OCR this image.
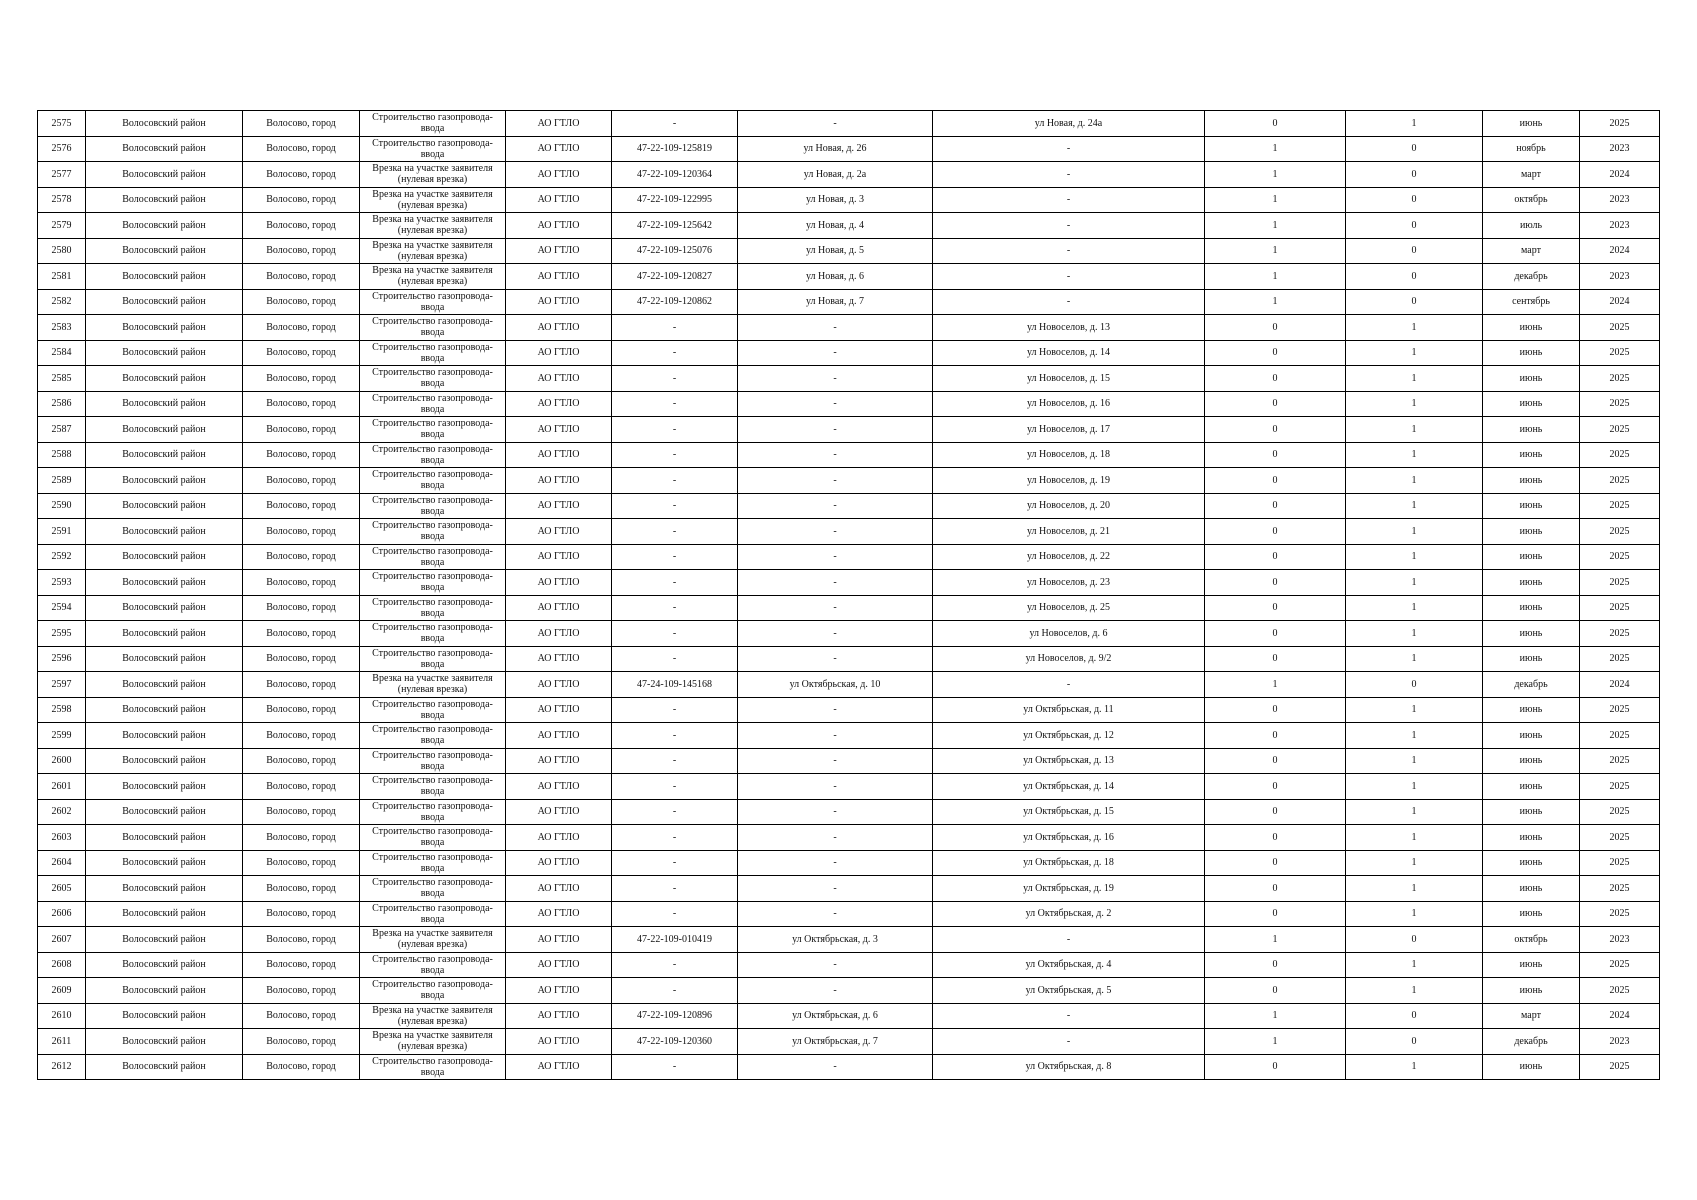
2575	Волосовский район	Волосово, город	Строительство газопровода-ввода	АО ГТЛО	-	-	ул Новая, д. 24а	0	1	июнь	2025
2576	Волосовский район	Волосово, город	Строительство газопровода-ввода	АО ГТЛО	47-22-109-125819	ул Новая, д. 26	-	1	0	ноябрь	2023
2577	Волосовский район	Волосово, город	Врезка на участке заявителя (нулевая врезка)	АО ГТЛО	47-22-109-120364	ул Новая, д. 2а	-	1	0	март	2024
2578	Волосовский район	Волосово, город	Врезка на участке заявителя (нулевая врезка)	АО ГТЛО	47-22-109-122995	ул Новая, д. 3	-	1	0	октябрь	2023
2579	Волосовский район	Волосово, город	Врезка на участке заявителя (нулевая врезка)	АО ГТЛО	47-22-109-125642	ул Новая, д. 4	-	1	0	июль	2023
2580	Волосовский район	Волосово, город	Врезка на участке заявителя (нулевая врезка)	АО ГТЛО	47-22-109-125076	ул Новая, д. 5	-	1	0	март	2024
2581	Волосовский район	Волосово, город	Врезка на участке заявителя (нулевая врезка)	АО ГТЛО	47-22-109-120827	ул Новая, д. 6	-	1	0	декабрь	2023
2582	Волосовский район	Волосово, город	Строительство газопровода-ввода	АО ГТЛО	47-22-109-120862	ул Новая, д. 7	-	1	0	сентябрь	2024
2583	Волосовский район	Волосово, город	Строительство газопровода-ввода	АО ГТЛО	-	-	ул Новоселов, д. 13	0	1	июнь	2025
2584	Волосовский район	Волосово, город	Строительство газопровода-ввода	АО ГТЛО	-	-	ул Новоселов, д. 14	0	1	июнь	2025
2585	Волосовский район	Волосово, город	Строительство газопровода-ввода	АО ГТЛО	-	-	ул Новоселов, д. 15	0	1	июнь	2025
2586	Волосовский район	Волосово, город	Строительство газопровода-ввода	АО ГТЛО	-	-	ул Новоселов, д. 16	0	1	июнь	2025
2587	Волосовский район	Волосово, город	Строительство газопровода-ввода	АО ГТЛО	-	-	ул Новоселов, д. 17	0	1	июнь	2025
2588	Волосовский район	Волосово, город	Строительство газопровода-ввода	АО ГТЛО	-	-	ул Новоселов, д. 18	0	1	июнь	2025
2589	Волосовский район	Волосово, город	Строительство газопровода-ввода	АО ГТЛО	-	-	ул Новоселов, д. 19	0	1	июнь	2025
2590	Волосовский район	Волосово, город	Строительство газопровода-ввода	АО ГТЛО	-	-	ул Новоселов, д. 20	0	1	июнь	2025
2591	Волосовский район	Волосово, город	Строительство газопровода-ввода	АО ГТЛО	-	-	ул Новоселов, д. 21	0	1	июнь	2025
2592	Волосовский район	Волосово, город	Строительство газопровода-ввода	АО ГТЛО	-	-	ул Новоселов, д. 22	0	1	июнь	2025
2593	Волосовский район	Волосово, город	Строительство газопровода-ввода	АО ГТЛО	-	-	ул Новоселов, д. 23	0	1	июнь	2025
2594	Волосовский район	Волосово, город	Строительство газопровода-ввода	АО ГТЛО	-	-	ул Новоселов, д. 25	0	1	июнь	2025
2595	Волосовский район	Волосово, город	Строительство газопровода-ввода	АО ГТЛО	-	-	ул Новоселов, д. 6	0	1	июнь	2025
2596	Волосовский район	Волосово, город	Строительство газопровода-ввода	АО ГТЛО	-	-	ул Новоселов, д. 9/2	0	1	июнь	2025
2597	Волосовский район	Волосово, город	Врезка на участке заявителя (нулевая врезка)	АО ГТЛО	47-24-109-145168	ул Октябрьская, д. 10	-	1	0	декабрь	2024
2598	Волосовский район	Волосово, город	Строительство газопровода-ввода	АО ГТЛО	-	-	ул Октябрьская, д. 11	0	1	июнь	2025
2599	Волосовский район	Волосово, город	Строительство газопровода-ввода	АО ГТЛО	-	-	ул Октябрьская, д. 12	0	1	июнь	2025
2600	Волосовский район	Волосово, город	Строительство газопровода-ввода	АО ГТЛО	-	-	ул Октябрьская, д. 13	0	1	июнь	2025
2601	Волосовский район	Волосово, город	Строительство газопровода-ввода	АО ГТЛО	-	-	ул Октябрьская, д. 14	0	1	июнь	2025
2602	Волосовский район	Волосово, город	Строительство газопровода-ввода	АО ГТЛО	-	-	ул Октябрьская, д. 15	0	1	июнь	2025
2603	Волосовский район	Волосово, город	Строительство газопровода-ввода	АО ГТЛО	-	-	ул Октябрьская, д. 16	0	1	июнь	2025
2604	Волосовский район	Волосово, город	Строительство газопровода-ввода	АО ГТЛО	-	-	ул Октябрьская, д. 18	0	1	июнь	2025
2605	Волосовский район	Волосово, город	Строительство газопровода-ввода	АО ГТЛО	-	-	ул Октябрьская, д. 19	0	1	июнь	2025
2606	Волосовский район	Волосово, город	Строительство газопровода-ввода	АО ГТЛО	-	-	ул Октябрьская, д. 2	0	1	июнь	2025
2607	Волосовский район	Волосово, город	Врезка на участке заявителя (нулевая врезка)	АО ГТЛО	47-22-109-010419	ул Октябрьская, д. 3	-	1	0	октябрь	2023
2608	Волосовский район	Волосово, город	Строительство газопровода-ввода	АО ГТЛО	-	-	ул Октябрьская, д. 4	0	1	июнь	2025
2609	Волосовский район	Волосово, город	Строительство газопровода-ввода	АО ГТЛО	-	-	ул Октябрьская, д. 5	0	1	июнь	2025
2610	Волосовский район	Волосово, город	Врезка на участке заявителя (нулевая врезка)	АО ГТЛО	47-22-109-120896	ул Октябрьская, д. 6	-	1	0	март	2024
2611	Волосовский район	Волосово, город	Врезка на участке заявителя (нулевая врезка)	АО ГТЛО	47-22-109-120360	ул Октябрьская, д. 7	-	1	0	декабрь	2023
2612	Волосовский район	Волосово, город	Строительство газопровода-ввода	АО ГТЛО	-	-	ул Октябрьская, д. 8	0	1	июнь	2025
